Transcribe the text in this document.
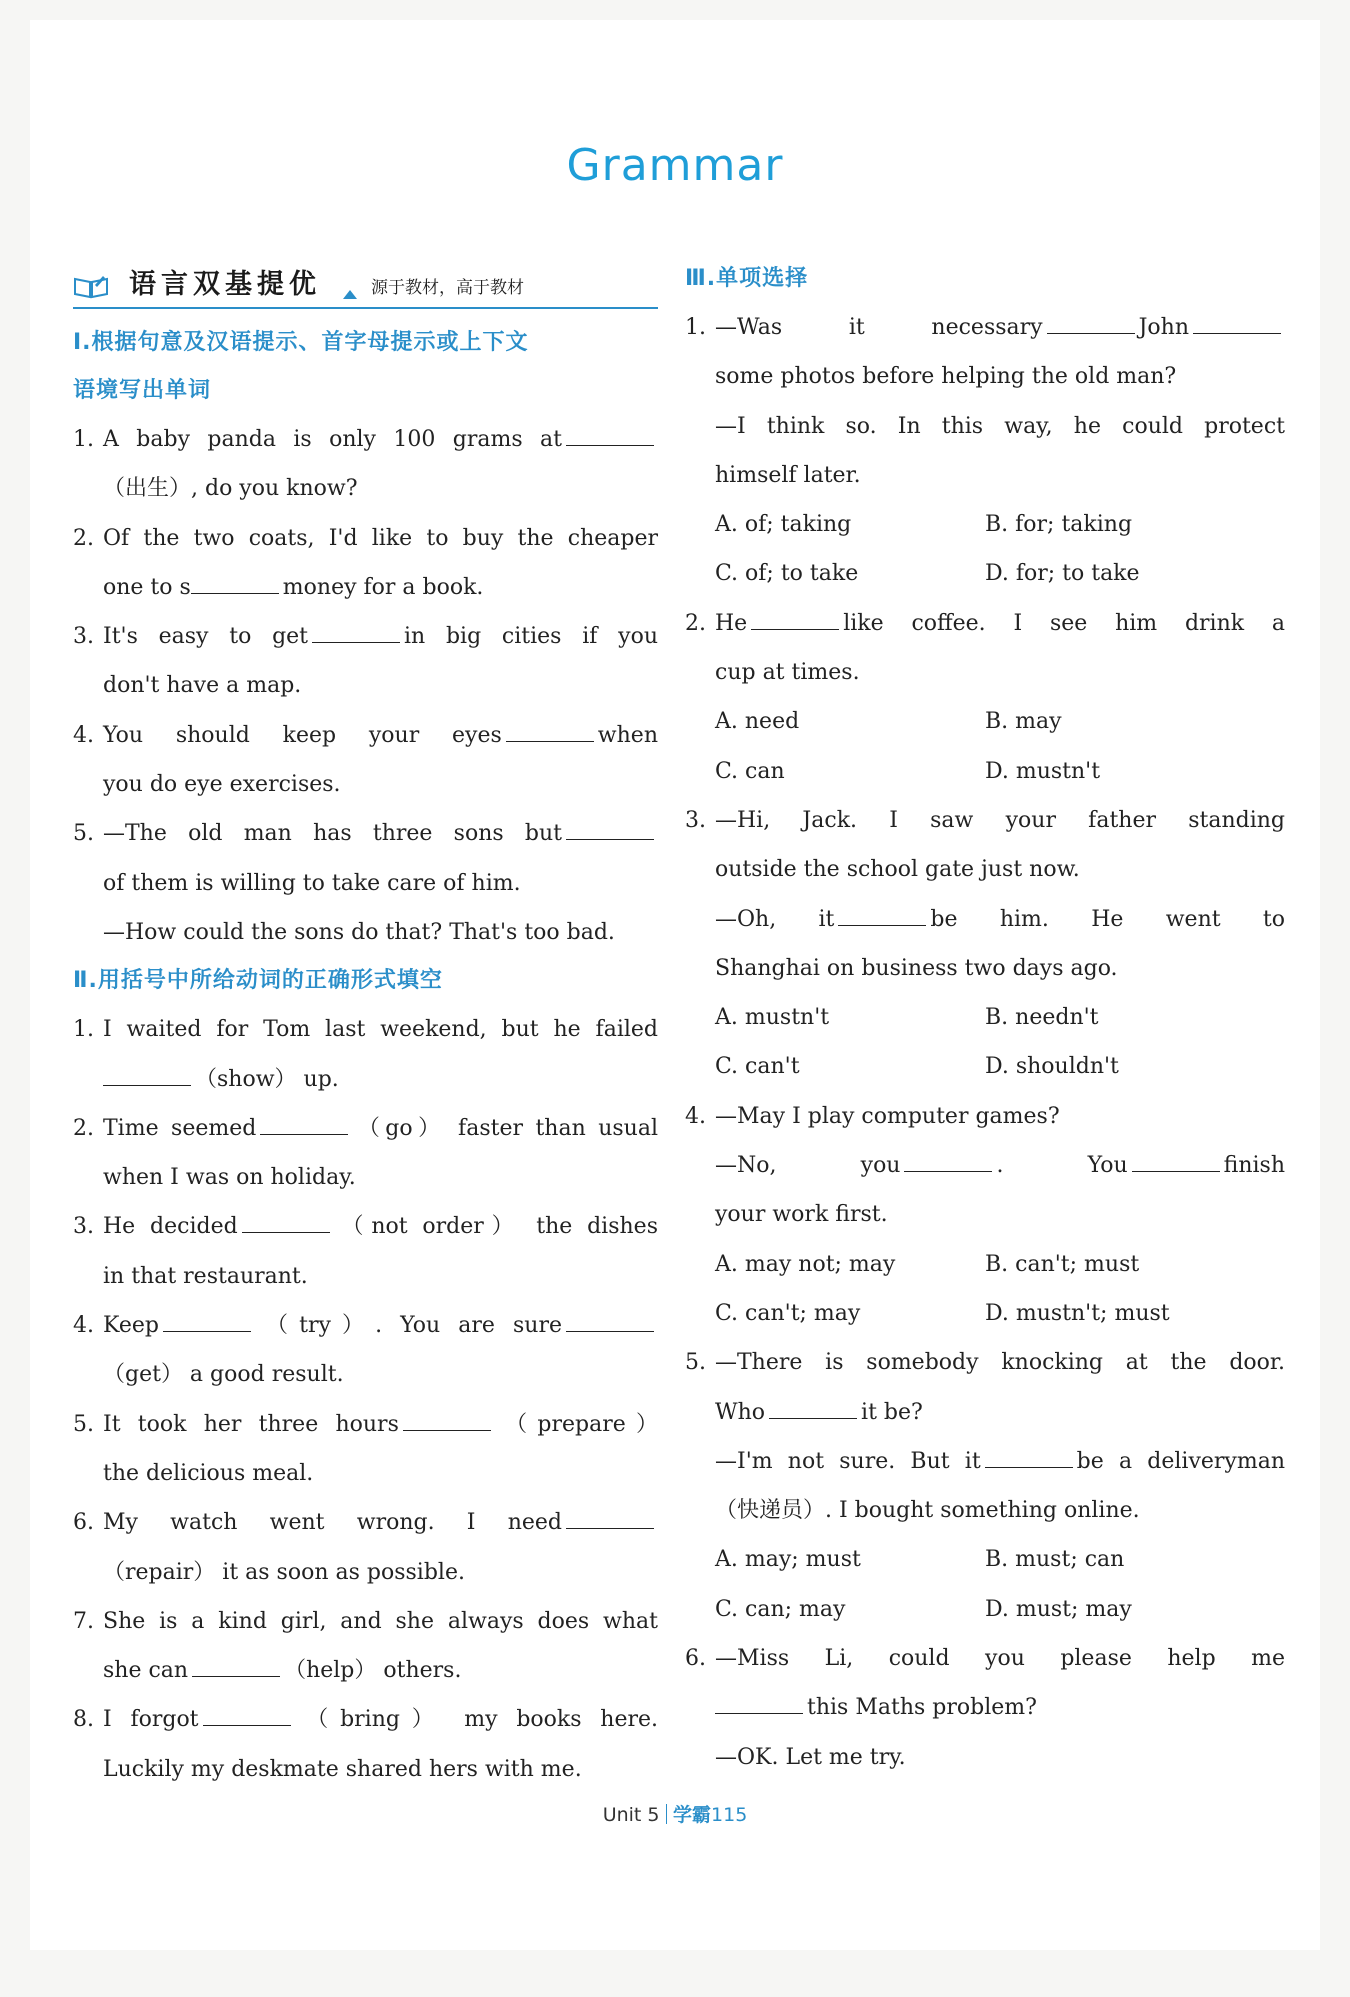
Grammar
语言双基提优	源于教材，高于教材
Ⅰ.根据句意及汉语提示、首字母提示或上下文
语境写出单词
1. A baby panda is only 100 grams at

（出生）, do you know?

2. Of the two coats, I'd like to buy the cheaper

one to s	money for a book.

3. It's easy to get	in big cities if you

don't have a map.

4. You should keep your eyes	when

you do eye exercises.

5. —The old man has three sons but

of them is willing to take care of him.

—How could the sons do that? That's too bad.

Ⅱ.用括号中所给动词的正确形式填空
1. I waited for Tom last weekend, but he failed

（show） up.

2. Time seemed	（go） faster than usual

when I was on holiday.

3. He decided	（not order） the dishes

in that restaurant.

4. Keep	（try）. You are sure

（get） a good result.

5. It took her three hours	（prepare）

the delicious meal.

6. My watch went wrong. I need

（repair） it as soon as possible.

7. She is a kind girl, and she always does what

she can	（help） others.

8. I forgot	（bring） my books here.

Luckily my deskmate shared hers with me.

Ⅲ.单项选择
1. —Was it necessary	John

some photos before helping the old man?

—I think so. In this way, he could protect

himself later.

A. of; taking	B. for; taking
C. of; to take	D. for; to take
2. He	like coffee. I see him drink a

cup at times.

A. need	B. may
C. can	D. mustn't
3. —Hi, Jack. I saw your father standing

outside the school gate just now.

—Oh, it	be him. He went to

Shanghai on business two days ago.

A. mustn't	B. needn't
C. can't	D. shouldn't
4. —May I play computer games?

—No, you	. You	finish

your work first.

A. may not; may	B. can't; must
C. can't; may	D. mustn't; must
5. —There is somebody knocking at the door.

Who	it be?

—I'm not sure. But it	be a deliveryman

（快递员）. I bought something online.

A. may; must	B. must; can
C. can; may	D. must; may
6. —Miss Li, could you please help me

this Maths problem?

—OK. Let me try.

Unit 5 学霸115
